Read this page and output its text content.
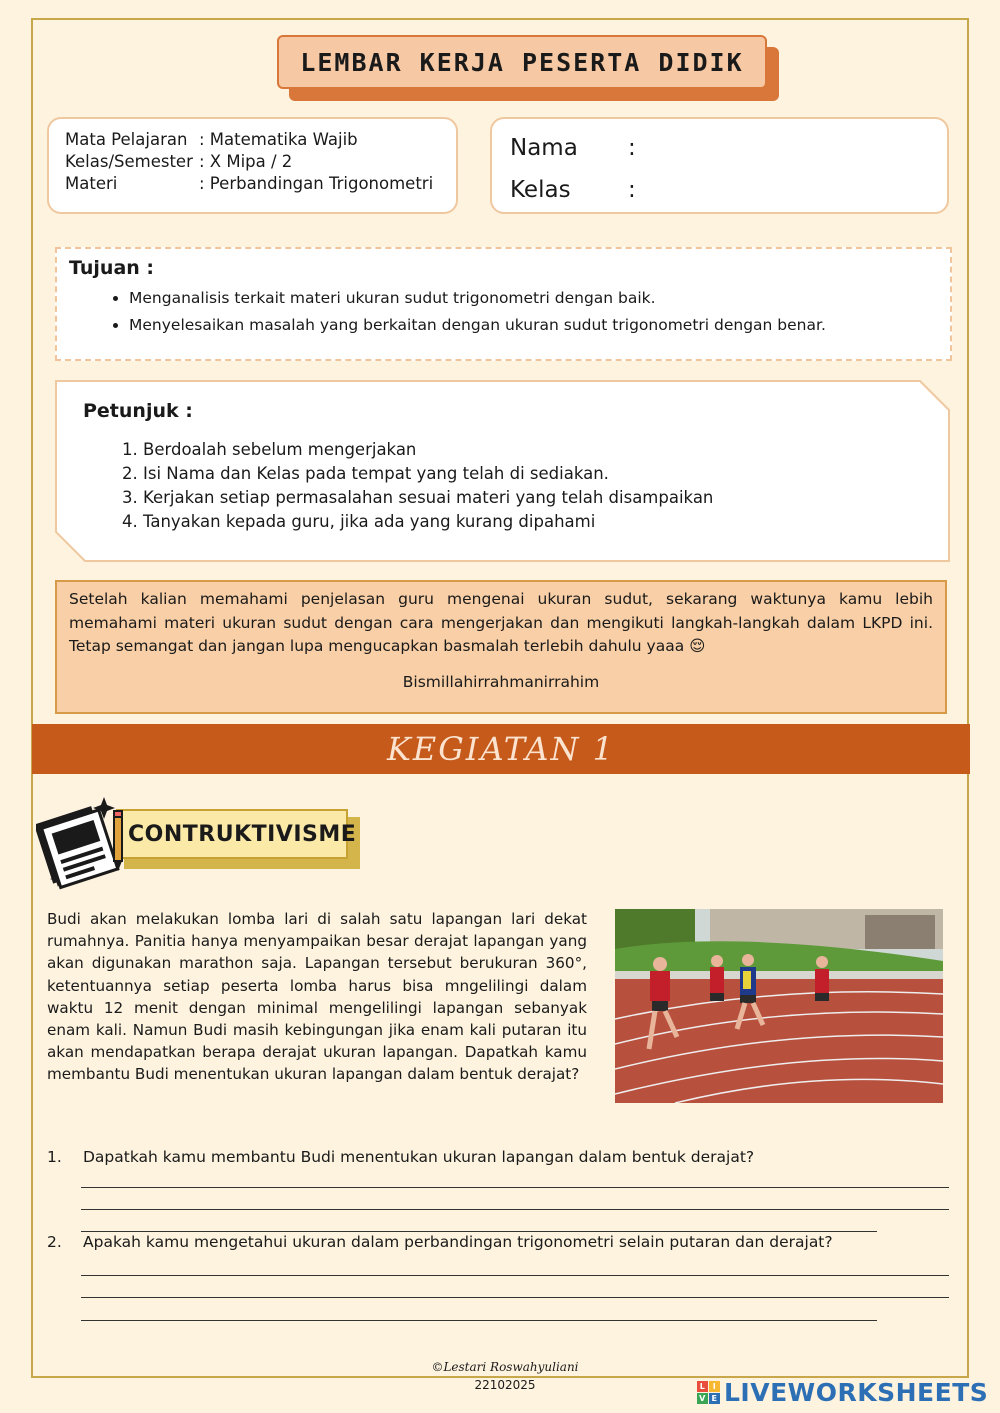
LEMBAR KERJA PESERTA DIDIK
Mata Pelajaran : Matematika Wajib
Kelas/Semester : X Mipa / 2
Materi	: Perbandingan Trigonometri
Nama	:
Kelas	:
Tujuan :
• Menganalisis terkait materi ukuran sudut trigonometri dengan baik.
• Menyelesaikan masalah yang berkaitan dengan ukuran sudut trigonometri dengan benar.
Petunjuk :
1. Berdoalah sebelum mengerjakan
2. Isi Nama dan Kelas pada tempat yang telah di sediakan.
3. Kerjakan setiap permasalahan sesuai materi yang telah disampaikan
4. Tanyakan kepada guru, jika ada yang kurang dipahami
Setelah kalian memahami penjelasan guru mengenai ukuran sudut, sekarang waktunya kamu lebih memahami materi ukuran sudut dengan cara mengerjakan dan mengikuti langkah-langkah dalam LKPD ini. Tetap semangat dan jangan lupa mengucapkan basmalah terlebih dahulu yaaa 😌
Bismillahirrahmanirrahim
KEGIATAN 1
CONTRUKTIVISME
Budi akan melakukan lomba lari di salah satu lapangan lari dekat rumahnya. Panitia hanya menyampaikan besar derajat lapangan yang akan digunakan marathon saja. Lapangan tersebut berukuran 360°, ketentuannya setiap peserta lomba harus bisa mngelilingi dalam waktu 12 menit dengan minimal mengelilingi lapangan sebanyak enam kali. Namun Budi masih kebingungan jika enam kali putaran itu akan mendapatkan berapa derajat ukuran lapangan. Dapatkah kamu membantu Budi menentukan ukuran lapangan dalam bentuk derajat?
1.	Dapatkah kamu membantu Budi menentukan ukuran lapangan dalam bentuk derajat?
2.	Apakah kamu mengetahui ukuran dalam perbandingan trigonometri selain putaran dan derajat?
©Lestari Roswahyuliani
22102025	L I
V E LIVEWORKSHEETS
